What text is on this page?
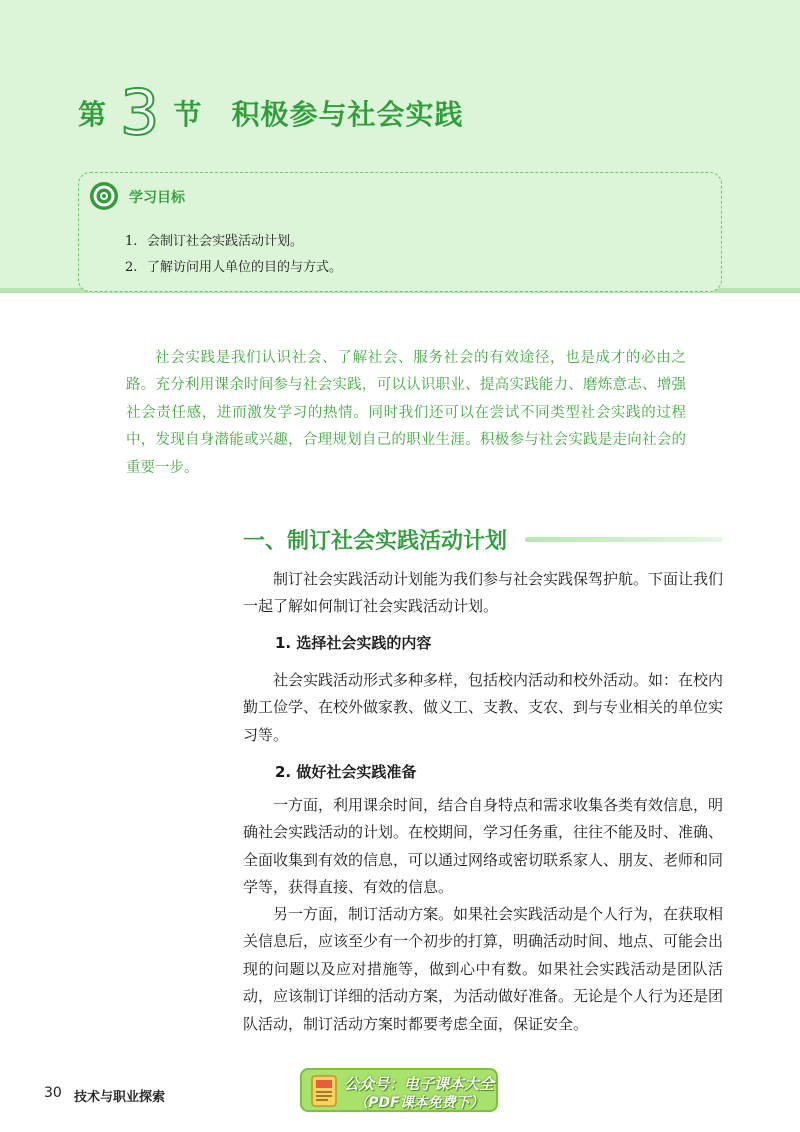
第 3 节 积极参与社会实践
学习目标
1. 会制订社会实践活动计划。
2. 了解访问用人单位的目的与方式。

社会实践是我们认识社会、了解社会、服务社会的有效途径，也是成才的必由之路。充分利用课余时间参与社会实践，可以认识职业、提高实践能力、磨炼意志、增强社会责任感，进而激发学习的热情。同时我们还可以在尝试不同类型社会实践的过程中，发现自身潜能或兴趣，合理规划自己的职业生涯。积极参与社会实践是走向社会的重要一步。

一、制订社会实践活动计划

制订社会实践活动计划能为我们参与社会实践保驾护航。下面让我们一起了解如何制订社会实践活动计划。

1. 选择社会实践的内容

社会实践活动形式多种多样，包括校内活动和校外活动。如：在校内勤工俭学、在校外做家教、做义工、支教、支农、到与专业相关的单位实习等。

2. 做好社会实践准备

一方面，利用课余时间，结合自身特点和需求收集各类有效信息，明确社会实践活动的计划。在校期间，学习任务重，往往不能及时、准确、全面收集到有效的信息，可以通过网络或密切联系家人、朋友、老师和同学等，获得直接、有效的信息。

另一方面，制订活动方案。如果社会实践活动是个人行为，在获取相关信息后，应该至少有一个初步的打算，明确活动时间、地点、可能会出现的问题以及应对措施等，做到心中有数。如果社会实践活动是团队活动，应该制订详细的活动方案，为活动做好准备。无论是个人行为还是团队活动，制订活动方案时都要考虑全面，保证安全。

30 技术与职业探索
公众号：电子课本大全
（PDF课本免费下）
